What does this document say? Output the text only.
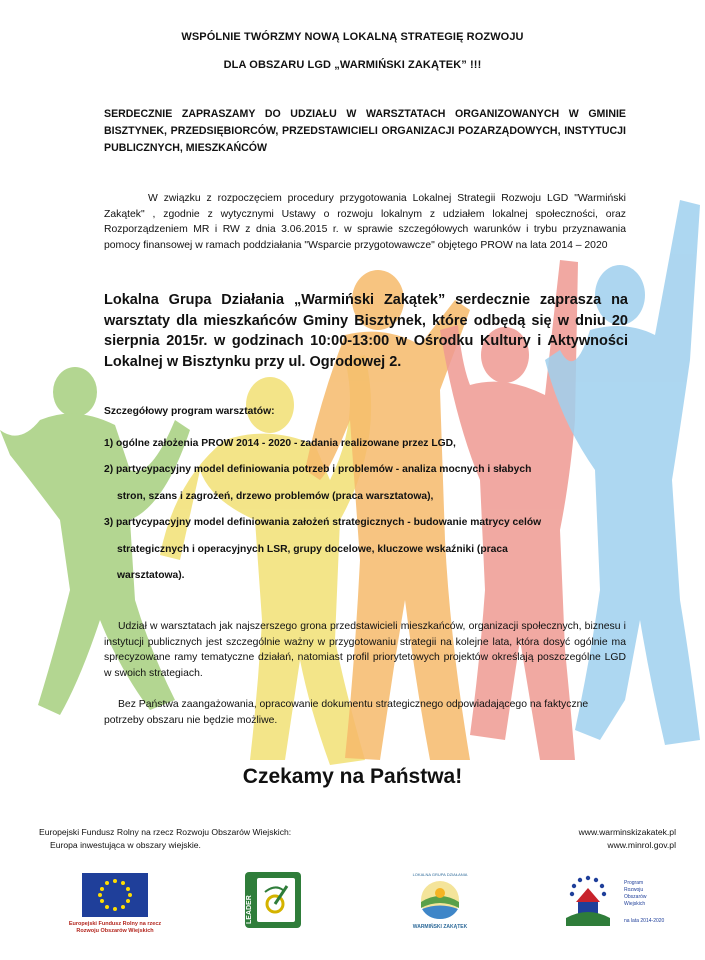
WSPÓLNIE TWÓRZMY NOWĄ LOKALNĄ STRATEGIĘ ROZWOJU
DLA OBSZARU LGD „WARMIŃSKI ZAKĄTEK” !!!
SERDECZNIE ZAPRASZAMY DO UDZIAŁU W WARSZTATACH ORGANIZOWANYCH W GMINIE BISZTYNEK, PRZEDSIĘBIORCÓW, PRZEDSTAWICIELI ORGANIZACJI POZARZĄDOWYCH, INSTYTUCJI PUBLICZNYCH, MIESZKAŃCÓW
W związku z rozpoczęciem procedury przygotowania Lokalnej Strategii Rozwoju LGD "Warmiński Zakątek" , zgodnie z wytycznymi Ustawy o rozwoju lokalnym z udziałem lokalnej społeczności, oraz Rozporządzeniem MR i RW z dnia 3.06.2015 r. w sprawie szczegółowych warunków i trybu przyznawania pomocy finansowej w ramach poddziałania "Wsparcie przygotowawcze" objętego PROW na lata 2014 – 2020
Lokalna Grupa Działania „Warmiński Zakątek” serdecznie zaprasza na warsztaty dla mieszkańców Gminy Bisztynek, które odbędą się w dniu 20 sierpnia 2015r. w godzinach 10:00-13:00 w Ośrodku Kultury i Aktywności Lokalnej w Bisztynku przy ul. Ogrodowej 2.
Szczegółowy program warsztatów:
1) ogólne założenia PROW 2014 - 2020 - zadania realizowane przez LGD,
2) partycypacyjny model definiowania potrzeb i problemów - analiza mocnych i słabych
stron, szans i zagrożeń, drzewo problemów (praca warsztatowa),
3) partycypacyjny model definiowania założeń strategicznych - budowanie matrycy celów
strategicznych i operacyjnych LSR, grupy docelowe, kluczowe wskaźniki (praca
warsztatowa).
Udział w warsztatach jak najszerszego grona przedstawicieli mieszkańców, organizacji społecznych, biznesu i instytucji publicznych jest szczególnie ważny w przygotowaniu strategii na kolejne lata, która dosyć ogólnie ma sprecyzowane ramy tematyczne działań, natomiast profil priorytetowych projektów określają poszczególne LGD w swoich strategiach.
Bez Państwa zaangażowania, opracowanie dokumentu strategicznego odpowiadającego na faktyczne potrzeby obszaru nie będzie możliwe.
Czekamy na Państwa!
Europejski Fundusz Rolny na rzecz Rozwoju Obszarów Wiejskich:
Europa inwestująca w obszary wiejskie.
www.warminskizakatek.pl
www.minrol.gov.pl
Europejski Fundusz Rolny na rzecz
Rozwoju Obszarów Wiejskich
LEADER
LOKALNA GRUPA DZIAŁANIA
WARMIŃSKI ZAKĄTEK
Program
Rozwoju
Obszarów
Wiejskich
na lata 2014-2020
